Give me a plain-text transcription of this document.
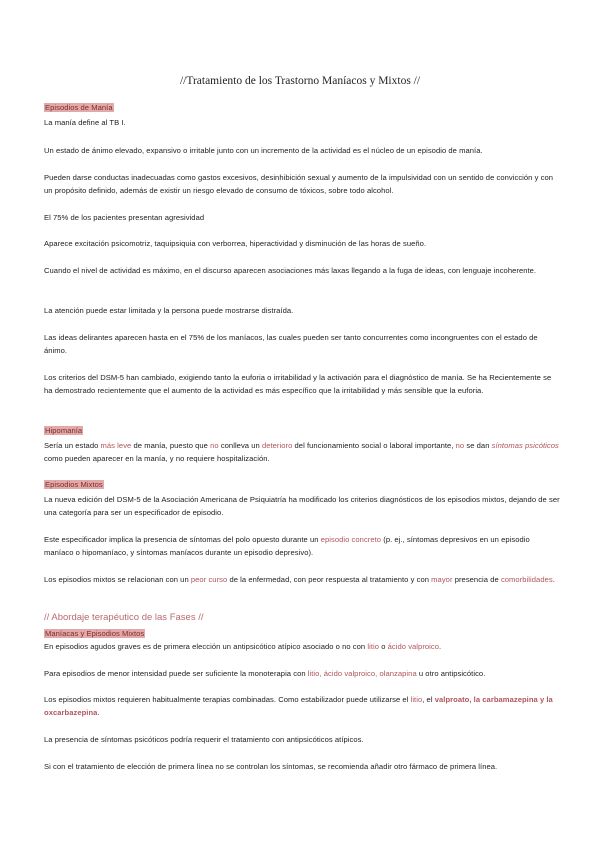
//Tratamiento de los Trastorno Maníacos y Mixtos //
Episodios de Manía
La manía define al TB I.
Un estado de ánimo elevado, expansivo o irritable junto con un incremento de la actividad es el núcleo de un episodio de manía.
Pueden darse conductas inadecuadas como gastos excesivos, desinhibición sexual y aumento de la impulsividad con un sentido de convicción y con un propósito definido, además de existir un riesgo elevado de consumo de tóxicos, sobre todo alcohol.
El 75% de los pacientes presentan agresividad
Aparece excitación psicomotriz, taquipsiquia con verborrea, hiperactividad y disminución de las horas de sueño.
Cuando el nivel de actividad es máximo, en el discurso aparecen asociaciones más laxas llegando a la fuga de ideas, con lenguaje incoherente.
La atención puede estar limitada y la persona puede mostrarse distraída.
Las ideas delirantes aparecen hasta en el 75% de los maníacos, las cuales pueden ser tanto concurrentes como incongruentes con el estado de ánimo.
Los criterios del DSM-5 han cambiado, exigiendo tanto la euforia o irritabilidad y la activación para el diagnóstico de manía. Se ha Recientemente se ha demostrado recientemente que el aumento de la actividad es más específico que la irritabilidad y más sensible que la euforia.
Hipomanía
Sería un estado más leve de manía, puesto que no conlleva un deterioro del funcionamiento social o laboral importante, no se dan síntomas psicóticos como pueden aparecer en la manía, y no requiere hospitalización.
Episodios Mixtos
La nueva edición del DSM-5 de la Asociación Americana de Psiquiatría ha modificado los criterios diagnósticos de los episodios mixtos, dejando de ser una categoría para ser un especificador de episodio.
Este especificador implica la presencia de síntomas del polo opuesto durante un episodio concreto (p. ej., síntomas depresivos en un episodio maníaco o hipomaníaco, y síntomas maníacos durante un episodio depresivo).
Los episodios mixtos se relacionan con un peor curso de la enfermedad, con peor respuesta al tratamiento y con mayor presencia de comorbilidades.
// Abordaje terapéutico de las Fases //
Maníacas y Episodios Mixtos
En episodios agudos graves es de primera elección un antipsicótico atípico asociado o no con litio o ácido valproico.
Para episodios de menor intensidad puede ser suficiente la monoterapia con litio, ácido valproico, olanzapina u otro antipsicótico.
Los episodios mixtos requieren habitualmente terapias combinadas. Como estabilizador puede utilizarse el litio, el valproato, la carbamazepina y la oxcarbazepina.
La presencia de síntomas psicóticos podría requerir el tratamiento con antipsicóticos atípicos.
Si con el tratamiento de elección de primera línea no se controlan los síntomas, se recomienda añadir otro fármaco de primera línea.
